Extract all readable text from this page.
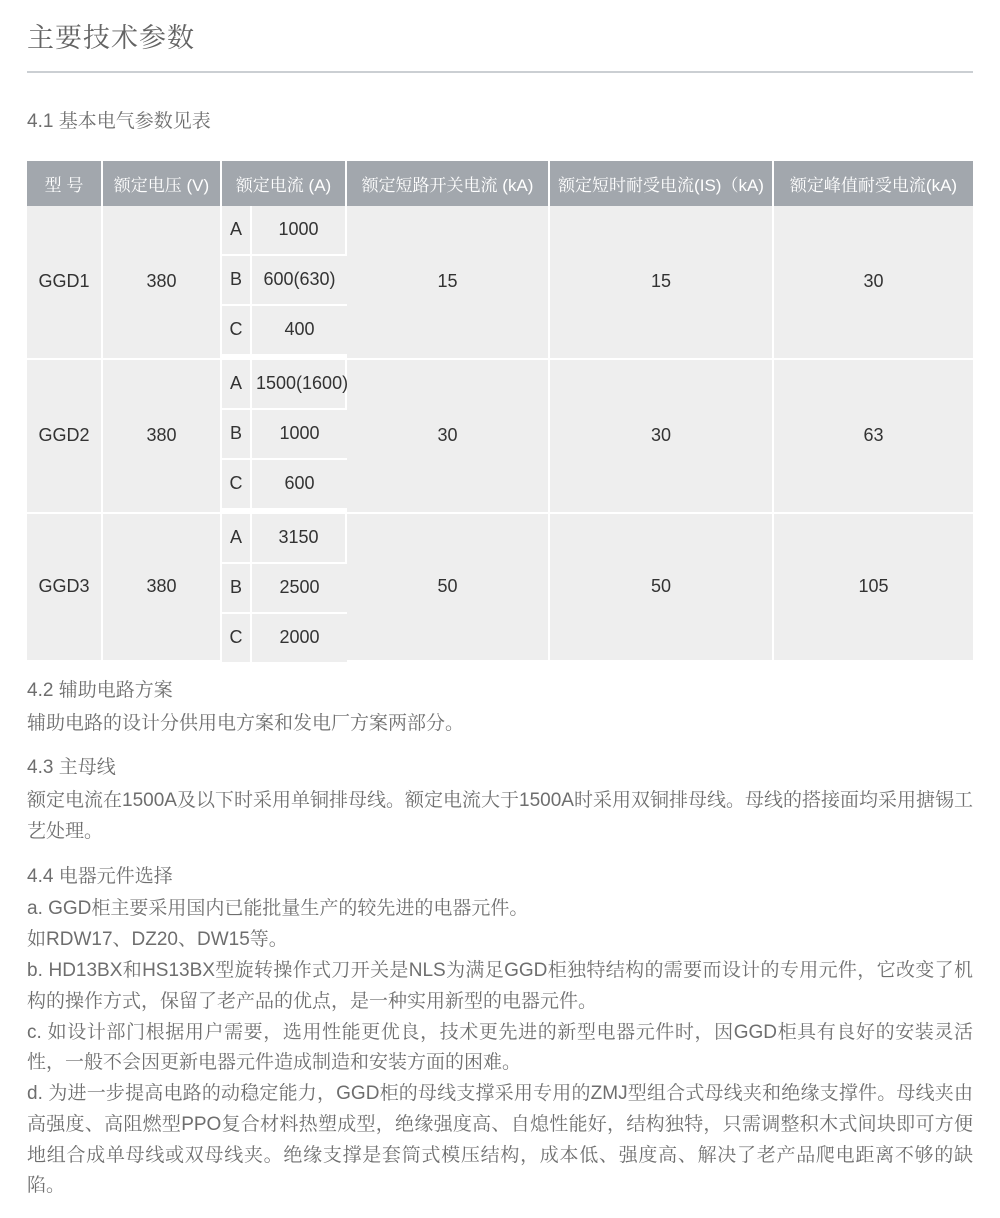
主要技术参数
4.1 基本电气参数见表
型 号	额定电压 (V)	额定电流 (A)		额定短路开关电流 (kA)	额定短时耐受电流(IS)（kA)	额定峰值耐受电流(kA)
GGD1	380	A	1000	15	15	30
		B	600(630)			
		C	400			
GGD2	380	A	1500(1600)	30	30	63
		B	1000			
		C	600			
GGD3	380	A	3150	50	50	105
		B	2500			
		C	2000			

4.2 辅助电路方案

辅助电路的设计分供用电方案和发电厂方案两部分。

4.3 主母线

额定电流在1500A及以下时采用单铜排母线。额定电流大于1500A时采用双铜排母线。母线的搭接面均采用搪锡工艺处理。

4.4 电器元件选择

a. GGD柜主要采用国内已能批量生产的较先进的电器元件。

如RDW17、DZ20、DW15等。

b. HD13BX和HS13BX型旋转操作式刀开关是NLS为满足GGD柜独特结构的需要而设计的专用元件，它改变了机构的操作方式，保留了老产品的优点，是一种实用新型的电器元件。

c. 如设计部门根据用户需要，选用性能更优良，技术更先进的新型电器元件时，因GGD柜具有良好的安装灵活性，一般不会因更新电器元件造成制造和安装方面的困难。

d. 为进一步提高电路的动稳定能力，GGD柜的母线支撑采用专用的ZMJ型组合式母线夹和绝缘支撑件。母线夹由高强度、高阻燃型PPO复合材料热塑成型，绝缘强度高、自熄性能好，结构独特，只需调整积木式间块即可方便地组合成单母线或双母线夹。绝缘支撑是套筒式模压结构，成本低、强度高、解决了老产品爬电距离不够的缺陷。
